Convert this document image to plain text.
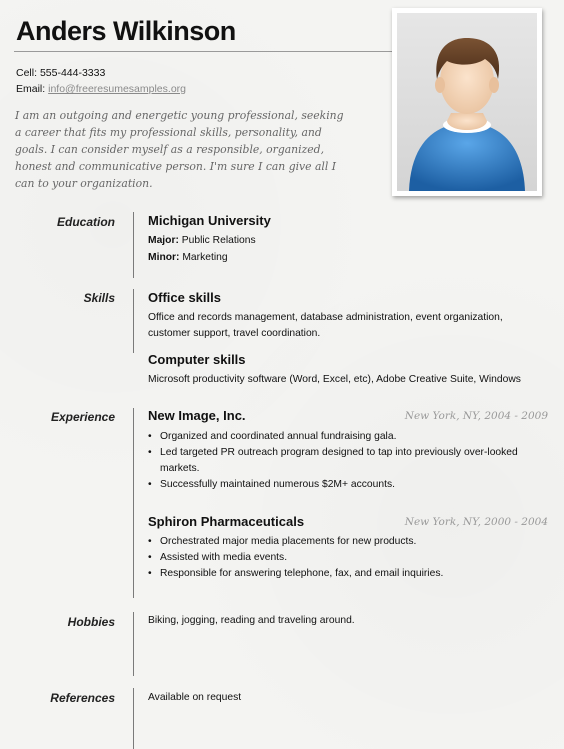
Anders Wilkinson
Cell: 555-444-3333
Email: info@freeresumesamples.org
I am an outgoing and energetic young professional, seeking a career that fits my professional skills, personality, and goals. I can consider myself as a responsible, organized, honest and communicative person. I'm sure I can give all I can to your organization.
Education	Michigan University
Major: Public Relations
Minor: Marketing
Skills	Office skills
Office and records management, database administration, event organization,
customer support, travel coordination.
Computer skills
Microsoft productivity software (Word, Excel, etc), Adobe Creative Suite, Windows
Experience	New Image, Inc.	New York, NY, 2004 - 2009
• Organized and coordinated annual fundraising gala.
• Led targeted PR outreach program designed to tap into previously over-looked markets.
• Successfully maintained numerous $2M+ accounts.
Sphiron Pharmaceuticals	New York, NY, 2000 - 2004
• Orchestrated major media placements for new products.
• Assisted with media events.
• Responsible for answering telephone, fax, and email inquiries.
Hobbies	Biking, jogging, reading and traveling around.
References	Available on request
